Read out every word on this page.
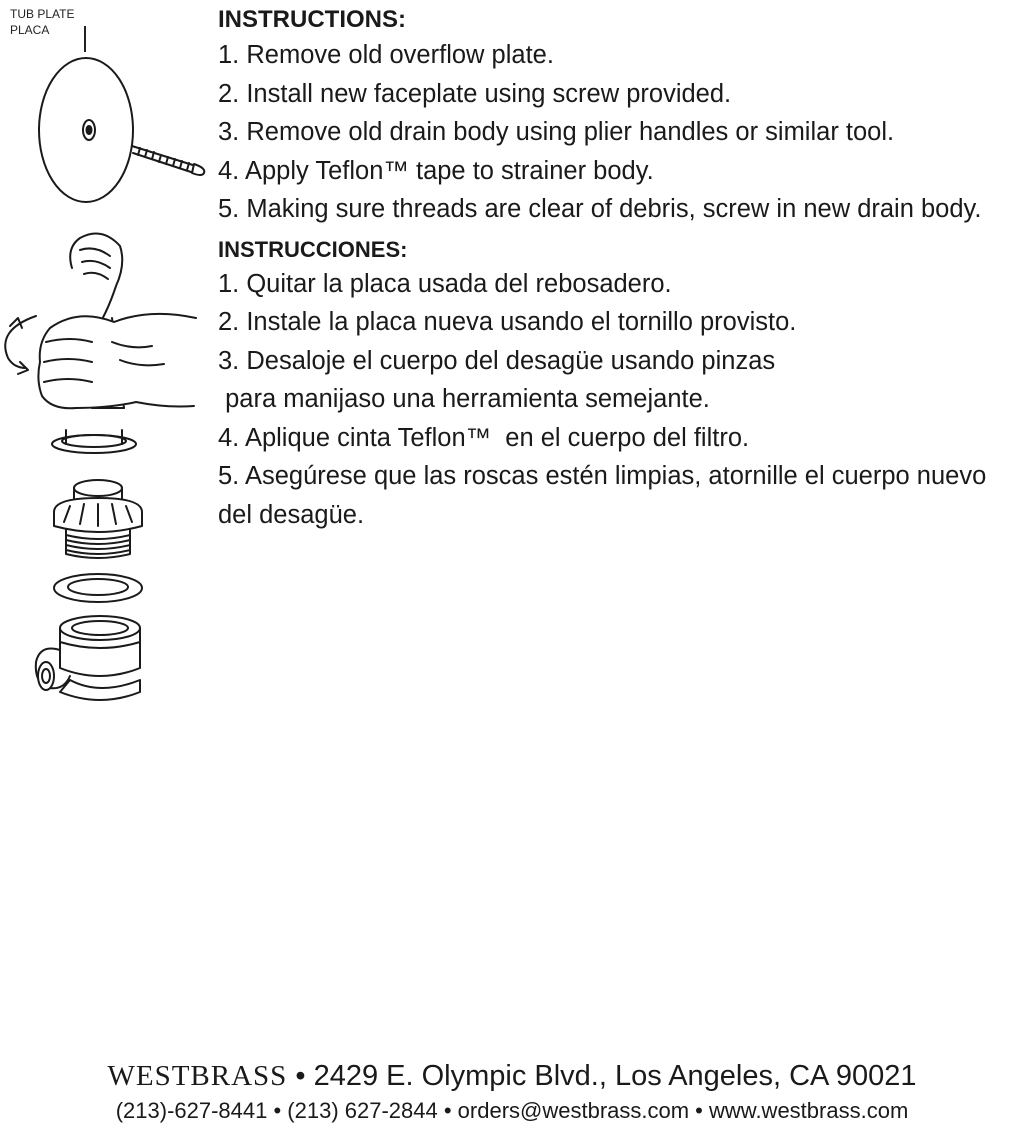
TUB PLATE
PLACA	INSTRUCTIONS:
1. Remove old overflow plate.
2. Install new faceplate using screw provided.
3. Remove old drain body using plier handles or similar tool.
4. Apply Teflon™ tape to strainer body.
5. Making sure threads are clear of debris, screw in new drain body.
INSTRUCCIONES:
1. Quitar la placa usada del rebosadero.
2. Instale la placa nueva usando el tornillo provisto.
3. Desaloje el cuerpo del desagüe usando pinzas
para manijaso una herramienta semejante.
4. Aplique cinta Teflon™  en el cuerpo del filtro.
5. Asegúrese que las roscas estén limpias, atornille el cuerpo nuevo del desagüe.
WESTBRASS • 2429 E. Olympic Blvd., Los Angeles, CA 90021
(213)-627-8441 • (213) 627-2844 • orders@westbrass.com • www.westbrass.com
